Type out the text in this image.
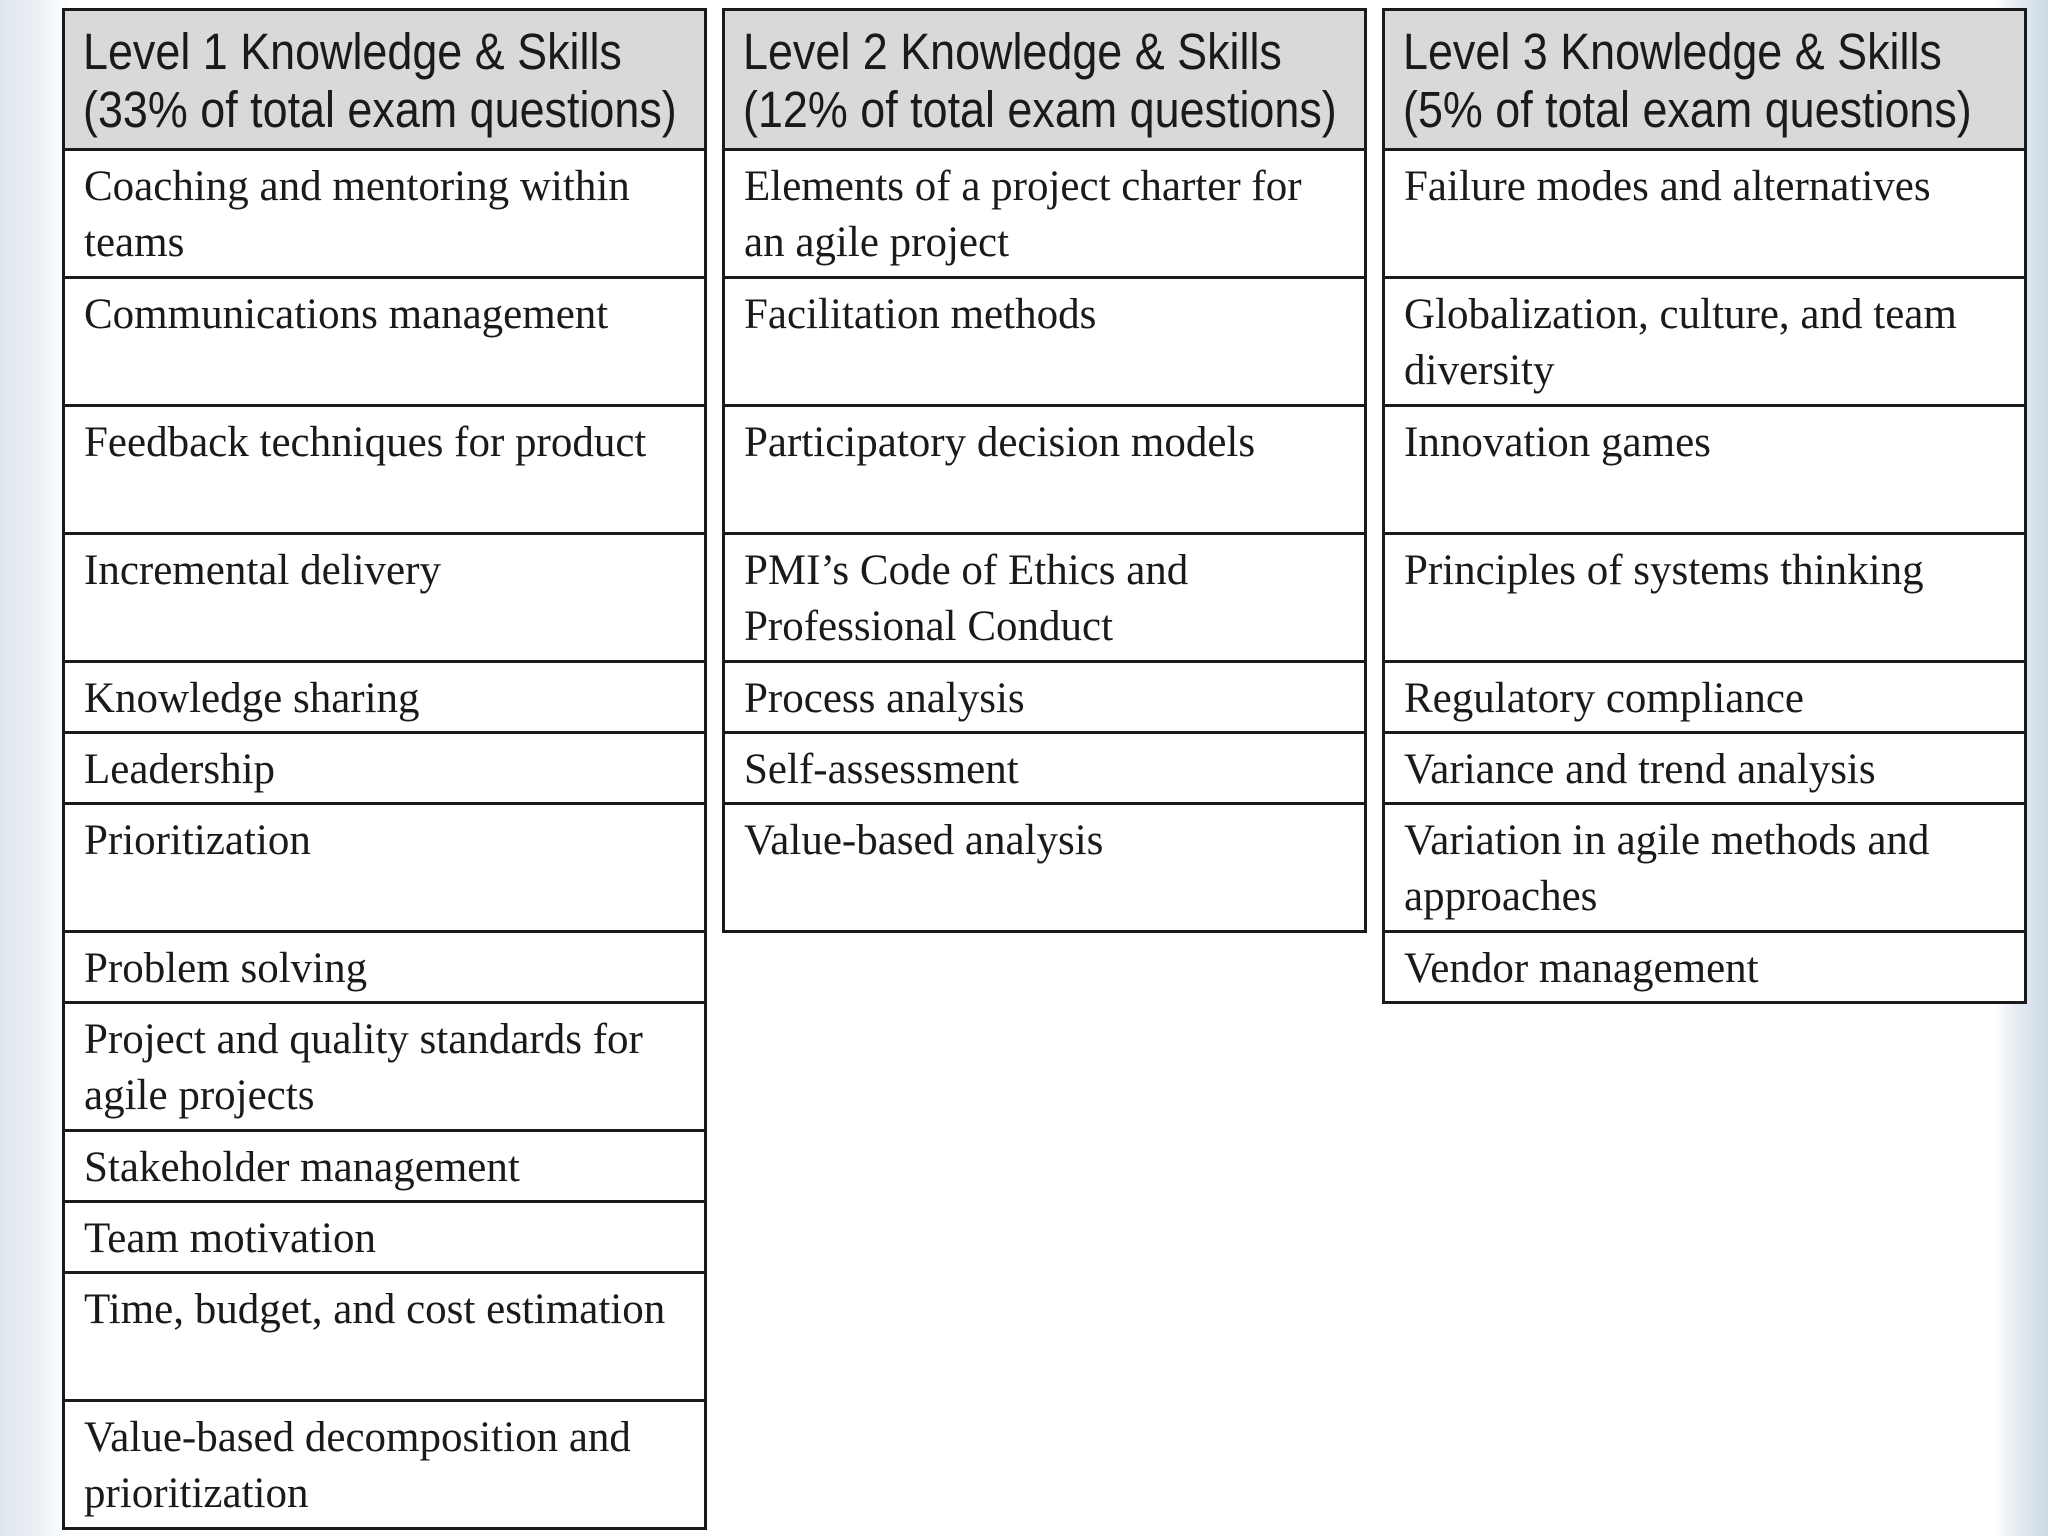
Level 1 Knowledge & Skills
(33% of total exam questions)
Coaching and mentoring within teams
Communications management
Feedback techniques for product
Incremental delivery
Knowledge sharing
Leadership
Prioritization
Problem solving
Project and quality standards for agile projects
Stakeholder management
Team motivation
Time, budget, and cost estimation
Value-based decomposition and prioritization
Level 2 Knowledge & Skills
(12% of total exam questions)
Elements of a project charter for an agile project
Facilitation methods
Participatory decision models
PMI’s Code of Ethics and Professional Conduct
Process analysis
Self-assessment
Value-based analysis
Level 3 Knowledge & Skills
(5% of total exam questions)
Failure modes and alternatives
Globalization, culture, and team diversity
Innovation games
Principles of systems thinking
Regulatory compliance
Variance and trend analysis
Variation in agile methods and approaches
Vendor management
